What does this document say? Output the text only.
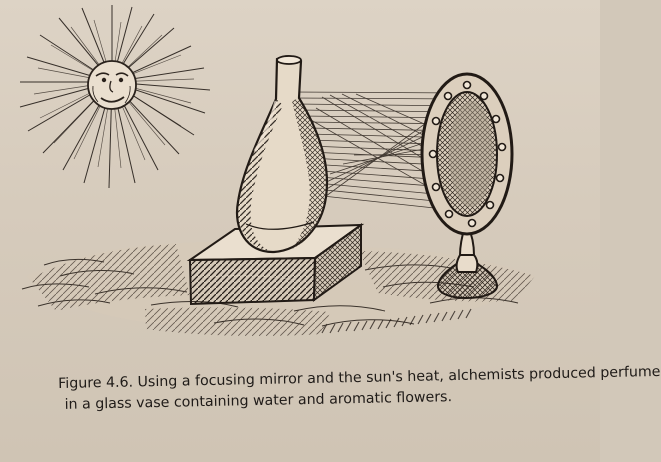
Figure 4.6. Using a focusing mirror and the sun's heat, alchemists produced perfume
in a glass vase containing water and aromatic flowers.
